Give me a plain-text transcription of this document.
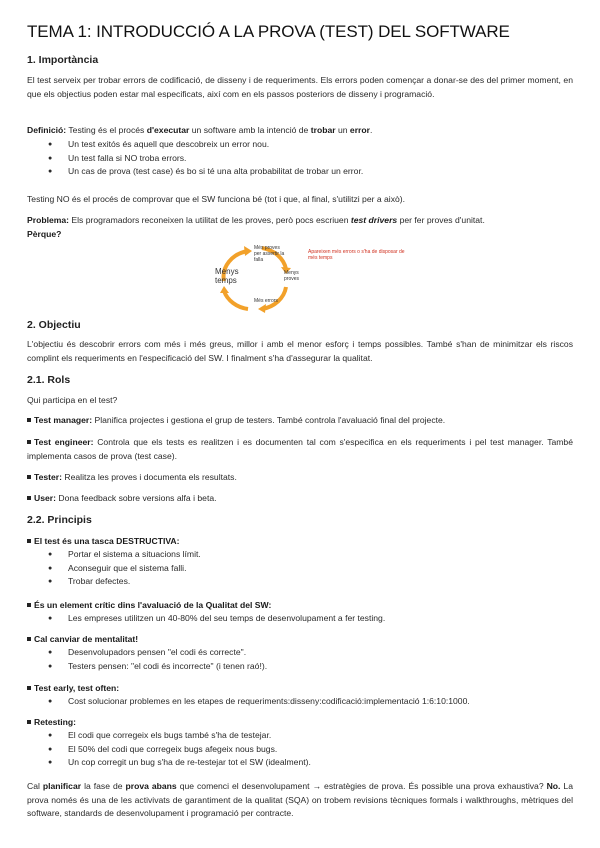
TEMA 1: INTRODUCCIÓ A LA PROVA (TEST) DEL SOFTWARE
1. Importància
El test serveix per trobar errors de codificació, de disseny i de requeriments. Els errors poden començar a donar-se des del primer moment, en que els objectius poden estar mal especificats, així com en els passos posteriors de disseny i programació.
Definició: Testing és el procés d'executar un software amb la intenció de trobar un error.
● Un test exitós és aquell que descobreix un error nou.
● Un test falla si NO troba errors.
● Un cas de prova (test case) és bo si té una alta probabilitat de trobar un error.
Testing NO és el procés de comprovar que el SW funciona bé (tot i que, al final, s'utilitzi per a això).
Problema: Els programadors reconeixen la utilitat de les proves, però pocs escriuen test drivers per fer proves d'unitat.
Pèrque?
Menys temps
Més proves per assertir la falla
Menys proves
Més errors
Apareixen més errors o s'ha de disposar de més temps
2. Objectiu
L'objectiu és descobrir errors com més i més greus, millor i amb el menor esforç i temps possibles. També s'han de minimitzar els riscos complint els requeriments en l'especificació del SW. I finalment s'ha d'assegurar la qualitat.
2.1. Rols
Qui participa en el test?
Test manager: Planifica projectes i gestiona el grup de testers. També controla l'avaluació final del projecte.
Test engineer: Controla que els tests es realitzen i es documenten tal com s'especifica en els requeriments i pel test manager. També implementa casos de prova (test case).
Tester: Realitza les proves i documenta els resultats.
User: Dona feedback sobre versions alfa i beta.
2.2. Principis
El test és una tasca DESTRUCTIVA:
● Portar el sistema a situacions límit.
● Aconseguir que el sistema falli.
● Trobar defectes.
És un element crític dins l'avaluació de la Qualitat del SW:
● Les empreses utilitzen un 40-80% del seu temps de desenvolupament a fer testing.
Cal canviar de mentalitat!
● Desenvolupadors pensen "el codi és correcte".
● Testers pensen: "el codi és incorrecte" (i tenen raó!).
Test early, test often:
● Cost solucionar problemes en les etapes de requeriments:disseny:codificació:implementació 1:6:10:1000.
Retesting:
● El codi que corregeix els bugs també s'ha de testejar.
● El 50% del codi que corregeix bugs afegeix nous bugs.
● Un cop corregit un bug s'ha de re-testejar tot el SW (idealment).
Cal planificar la fase de prova abans que comenci el desenvolupament → estratègies de prova. És possible una prova exhaustiva? No. La prova només és una de les activivats de garantiment de la qualitat (SQA) on trobem revisions tècniques formals i walkthroughs, mètriques del software, standards de desenvolupament i programació per contracte.
